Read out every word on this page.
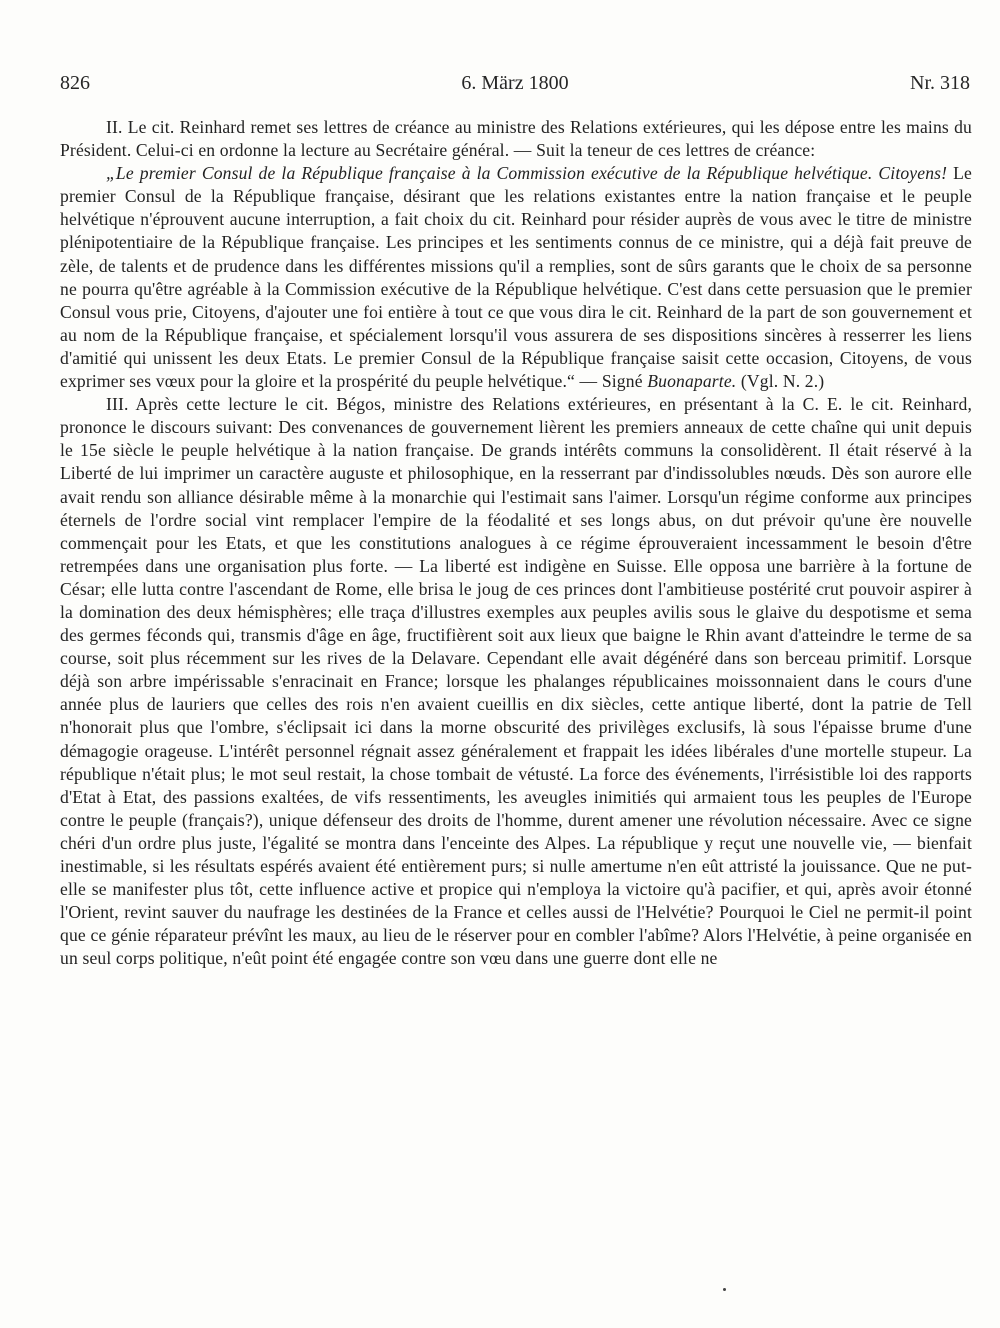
826	6. März 1800	Nr. 318

II. Le cit. Reinhard remet ses lettres de créance au ministre des Relations extérieures, qui les dépose entre les mains du Président. Celui-ci en ordonne la lecture au Secrétaire général. — Suit la teneur de ces lettres de créance:

„Le premier Consul de la République française à la Commission exécutive de la République helvétique. Citoyens! Le premier Consul de la République française, désirant que les relations existantes entre la nation française et le peuple helvétique n'éprouvent aucune interruption, a fait choix du cit. Reinhard pour résider auprès de vous avec le titre de ministre plénipotentiaire de la République française. Les principes et les sentiments connus de ce ministre, qui a déjà fait preuve de zèle, de talents et de prudence dans les différentes missions qu'il a remplies, sont de sûrs garants que le choix de sa personne ne pourra qu'être agréable à la Commission exécutive de la République helvétique. C'est dans cette persuasion que le premier Consul vous prie, Citoyens, d'ajouter une foi entière à tout ce que vous dira le cit. Reinhard de la part de son gouvernement et au nom de la République française, et spécialement lorsqu'il vous assurera de ses dispositions sincères à resserrer les liens d'amitié qui unissent les deux Etats. Le premier Consul de la République française saisit cette occasion, Citoyens, de vous exprimer ses vœux pour la gloire et la prospérité du peuple helvétique.“ — Signé Buonaparte. (Vgl. N. 2.)

III. Après cette lecture le cit. Bégos, ministre des Relations extérieures, en présentant à la C. E. le cit. Reinhard, prononce le discours suivant: Des convenances de gouvernement lièrent les premiers anneaux de cette chaîne qui unit depuis le 15e siècle le peuple helvétique à la nation française. De grands intérêts communs la consolidèrent. Il était réservé à la Liberté de lui imprimer un caractère auguste et philosophique, en la resserrant par d'indissolubles nœuds. Dès son aurore elle avait rendu son alliance désirable même à la monarchie qui l'estimait sans l'aimer. Lorsqu'un régime conforme aux principes éternels de l'ordre social vint remplacer l'empire de la féodalité et ses longs abus, on dut prévoir qu'une ère nouvelle commençait pour les Etats, et que les constitutions analogues à ce régime éprouveraient incessamment le besoin d'être retrempées dans une organisation plus forte. — La liberté est indigène en Suisse. Elle opposa une barrière à la fortune de César; elle lutta contre l'ascendant de Rome, elle brisa le joug de ces princes dont l'ambitieuse postérité crut pouvoir aspirer à la domination des deux hémisphères; elle traça d'illustres exemples aux peuples avilis sous le glaive du despotisme et sema des germes féconds qui, transmis d'âge en âge, fructifièrent soit aux lieux que baigne le Rhin avant d'atteindre le terme de sa course, soit plus récemment sur les rives de la Delavare. Cependant elle avait dégénéré dans son berceau primitif. Lorsque déjà son arbre impérissable s'enracinait en France; lorsque les phalanges républicaines moissonnaient dans le cours d'une année plus de lauriers que celles des rois n'en avaient cueillis en dix siècles, cette antique liberté, dont la patrie de Tell n'honorait plus que l'ombre, s'éclipsait ici dans la morne obscurité des privilèges exclusifs, là sous l'épaisse brume d'une démagogie orageuse. L'intérêt personnel régnait assez généralement et frappait les idées libérales d'une mortelle stupeur. La république n'était plus; le mot seul restait, la chose tombait de vétusté. La force des événements, l'irrésistible loi des rapports d'Etat à Etat, des passions exaltées, de vifs ressentiments, les aveugles inimitiés qui armaient tous les peuples de l'Europe contre le peuple (français?), unique défenseur des droits de l'homme, durent amener une révolution nécessaire. Avec ce signe chéri d'un ordre plus juste, l'égalité se montra dans l'enceinte des Alpes. La république y reçut une nouvelle vie, — bienfait inestimable, si les résultats espérés avaient été entièrement purs; si nulle amertume n'en eût attristé la jouissance. Que ne put-elle se manifester plus tôt, cette influence active et propice qui n'employa la victoire qu'à pacifier, et qui, après avoir étonné l'Orient, revint sauver du naufrage les destinées de la France et celles aussi de l'Helvétie? Pourquoi le Ciel ne permit-il point que ce génie réparateur prévînt les maux, au lieu de le réserver pour en combler l'abîme? Alors l'Helvétie, à peine organisée en un seul corps politique, n'eût point été engagée contre son vœu dans une guerre dont elle ne
